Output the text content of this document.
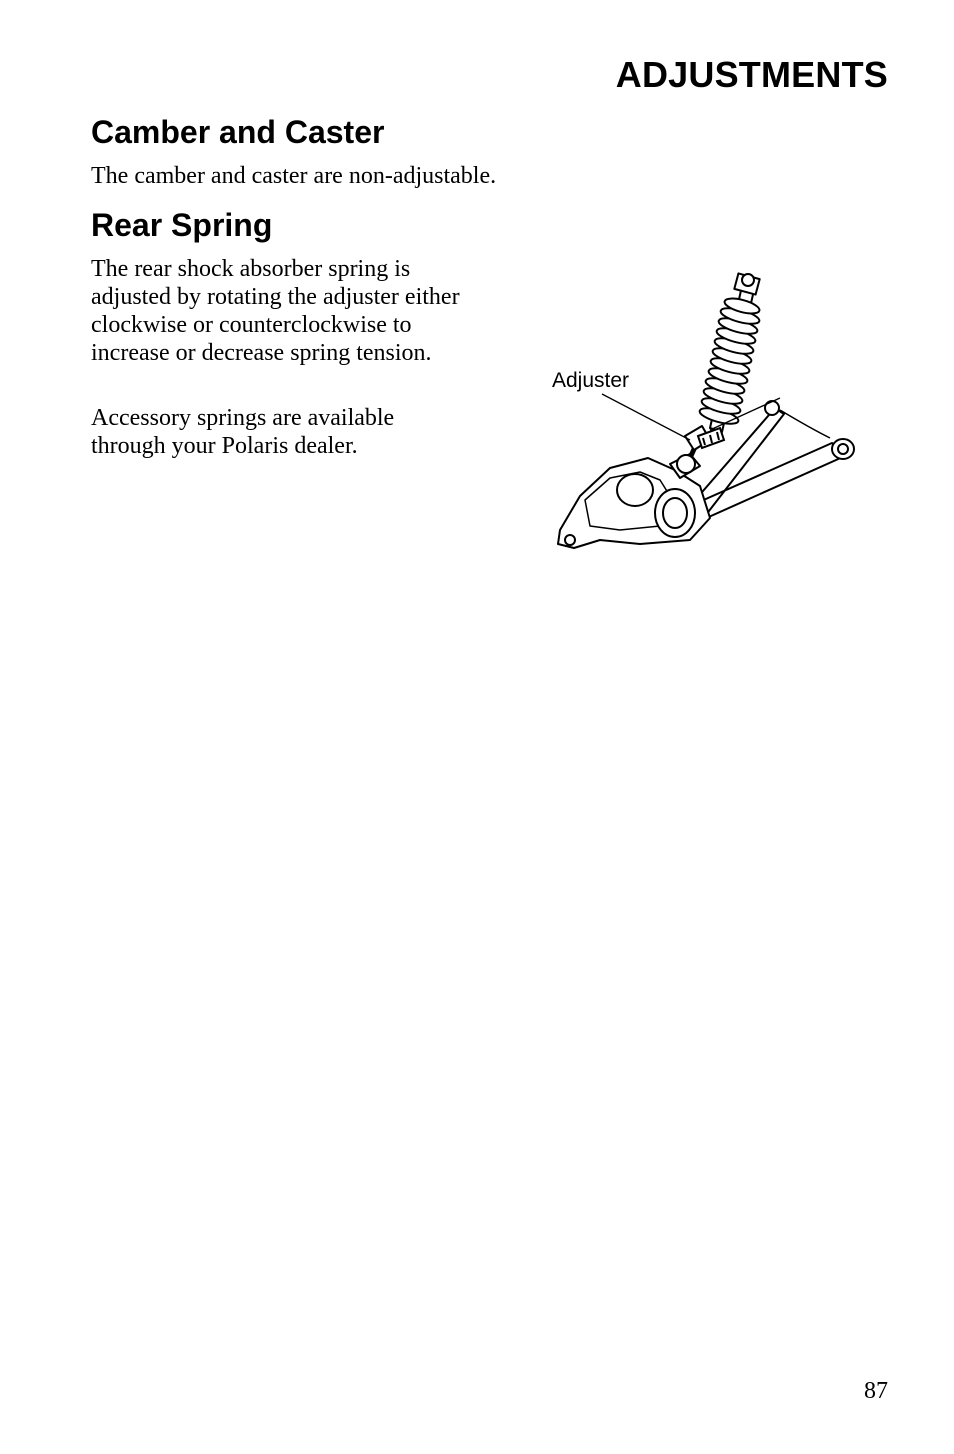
ADJUSTMENTS
Camber and Caster

The camber and caster are non-adjustable.

Rear Spring

The rear shock absorber spring is adjusted by rotating the adjuster either clockwise or counterclockwise to increase or decrease spring tension.

Accessory springs are available through your Polaris dealer.

Adjuster
87
